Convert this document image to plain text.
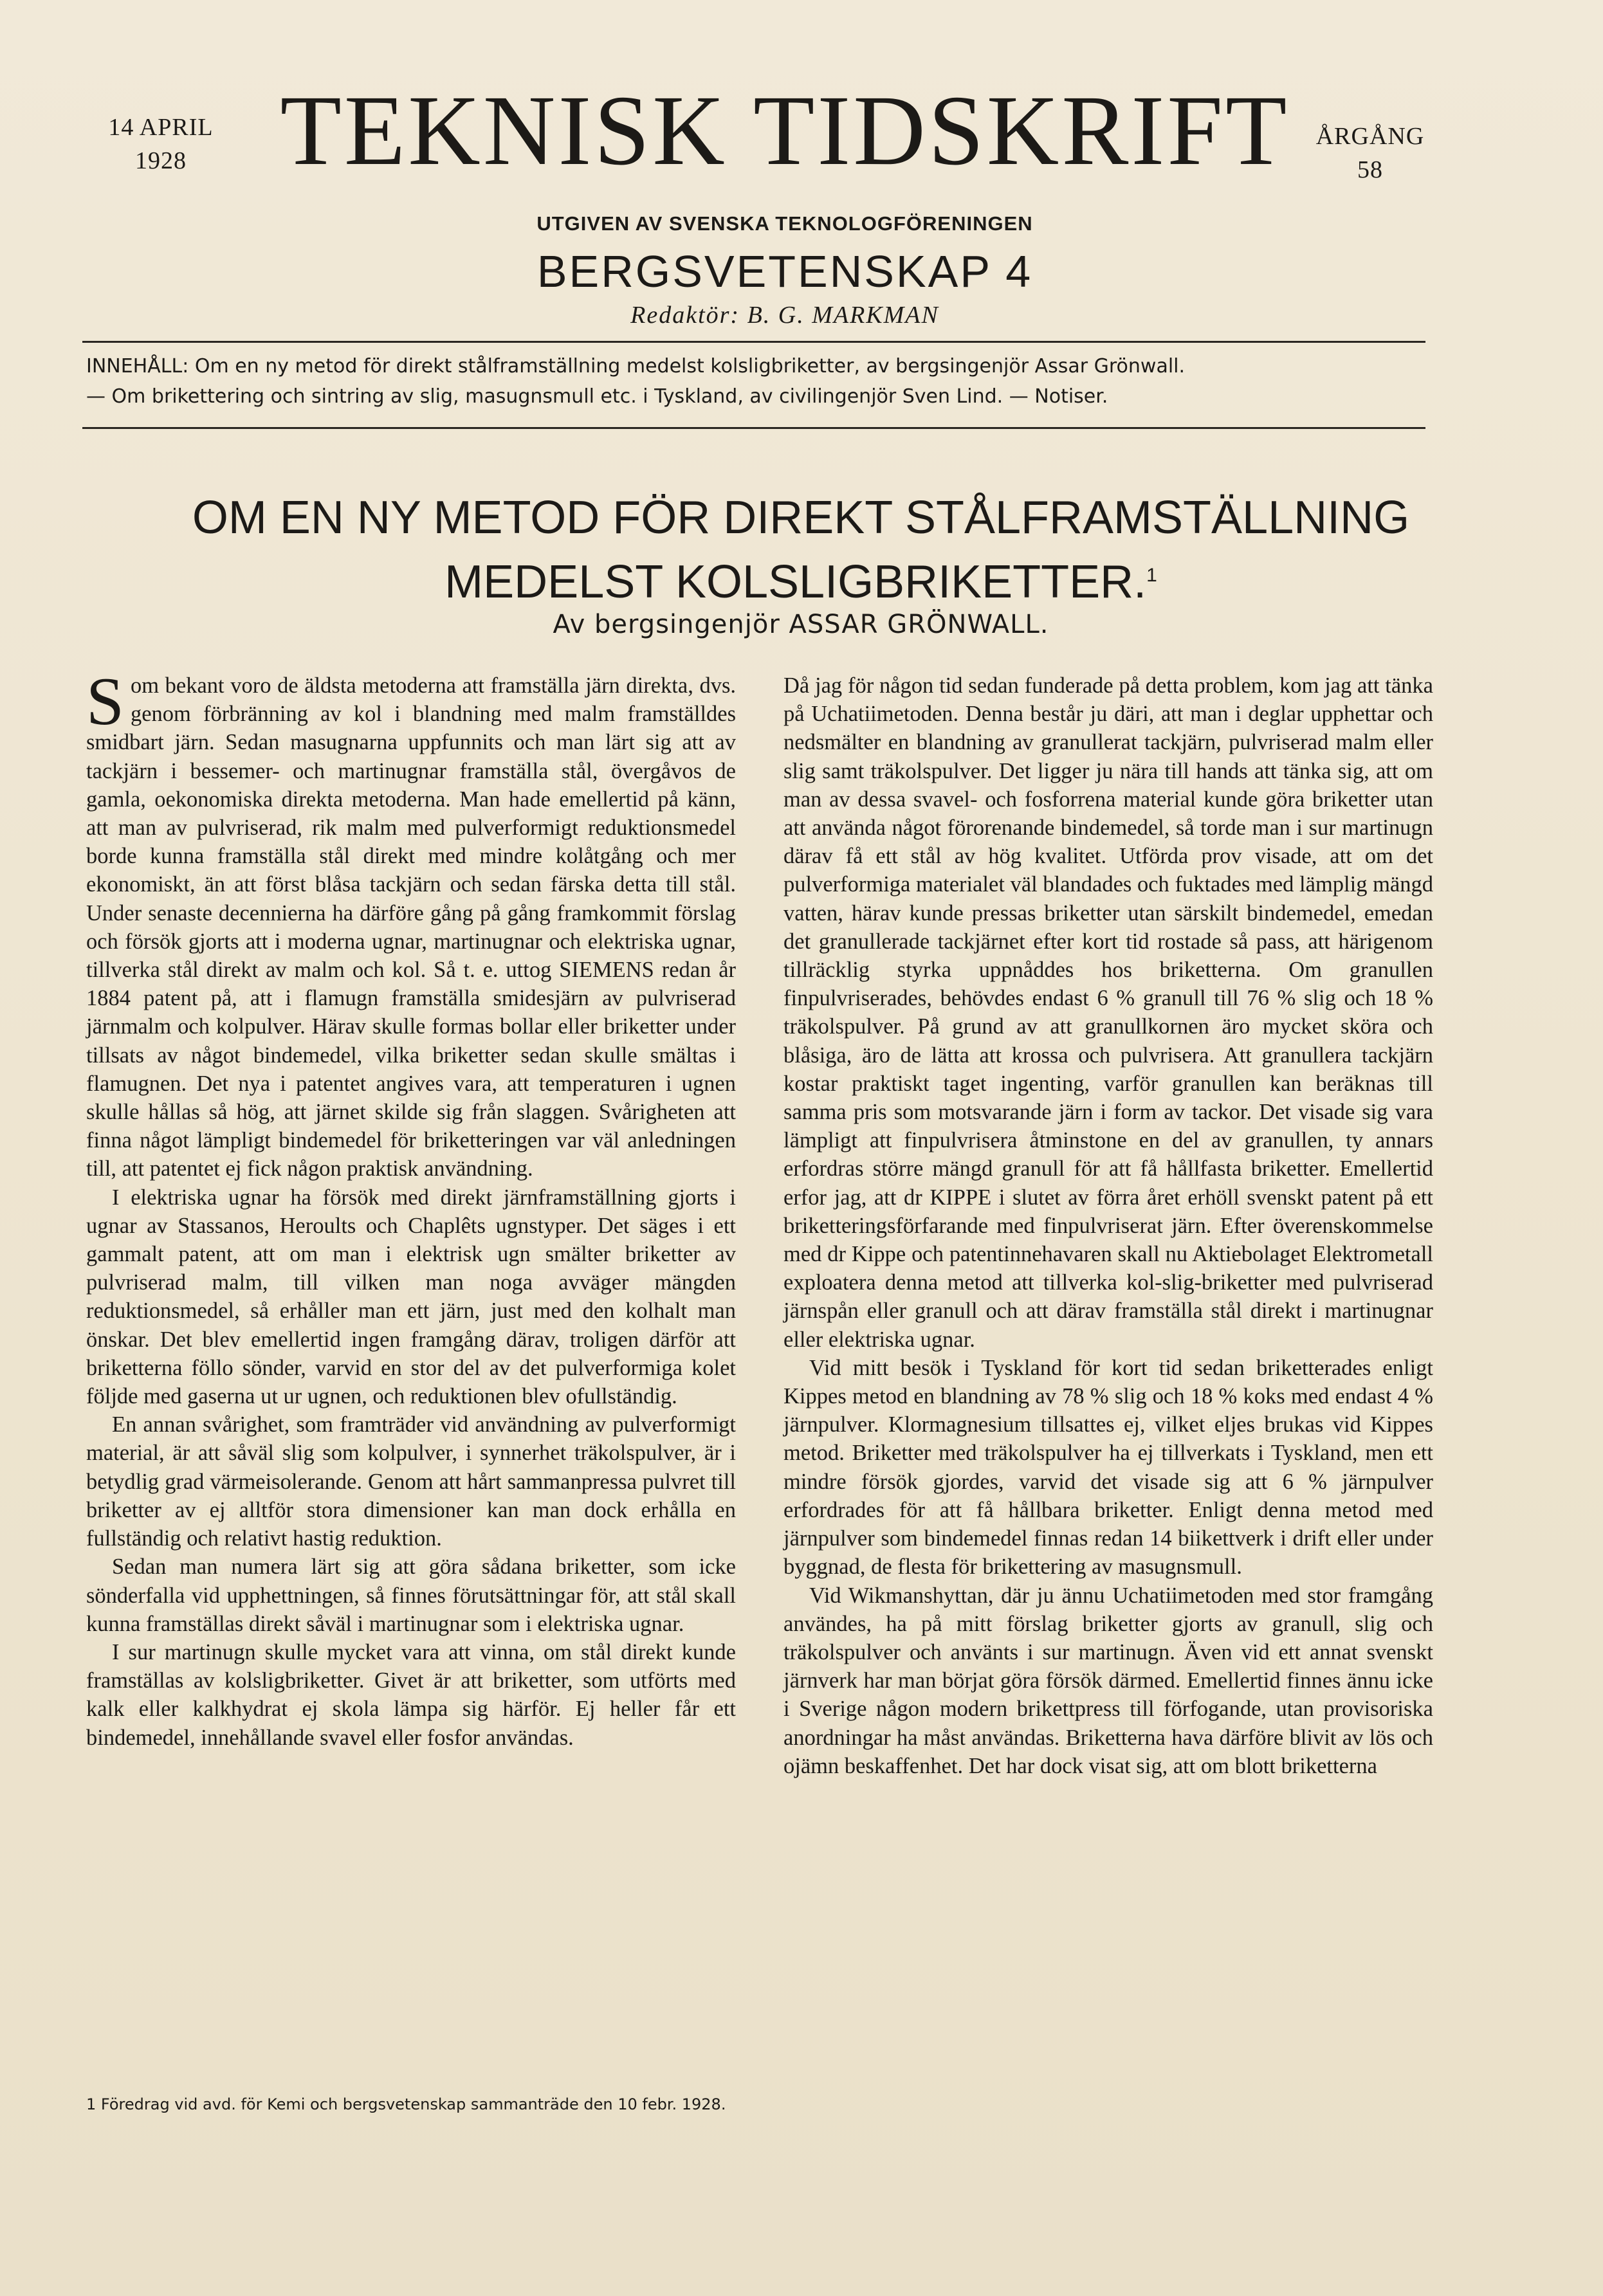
14 APRIL
1928 TEKNISK TIDSKRIFT	ÅRGÅNG
58
UTGIVEN AV SVENSKA TEKNOLOGFÖRENINGEN
BERGSVETENSKAP 4
Redaktör: B. G. MARKMAN

INNEHÅLL: Om en ny metod för direkt stålframställning medelst kolsligbriketter, av bergsingenjör Assar Grönwall.

— Om brikettering och sintring av slig, masugnsmull etc. i Tyskland, av civilingenjör Sven Lind. — Notiser.

OM EN NY METOD FÖR DIREKT STÅLFRAMSTÄLLNING
MEDELST KOLSLIGBRIKETTER.$^1$
Av bergsingenjör ASSAR GRÖNWALL.

Som bekant voro de äldsta metoderna att framställa järn direkta, dvs. genom förbränning av kol i blandning med malm framställdes smidbart järn. Sedan masugnarna uppfunnits och man lärt sig att av tackjärn i bessemer- och martinugnar framställa stål, övergåvos de gamla, oekonomiska direkta metoderna. Man hade emellertid på känn, att man av pulvriserad, rik malm med pulverformigt reduktionsmedel borde kunna framställa stål direkt med mindre kolåtgång och mer ekonomiskt, än att först blåsa tackjärn och sedan färska detta till stål. Under senaste decennierna ha därföre gång på gång framkommit förslag och försök gjorts att i moderna ugnar, martinugnar och elektriska ugnar, tillverka stål direkt av malm och kol. Så t. e. uttog SIEMENS redan år 1884 patent på, att i flamugn framställa smidesjärn av pulvriserad järnmalm och kolpulver. Härav skulle formas bollar eller briketter under tillsats av något bindemedel, vilka briketter sedan skulle smältas i flamugnen. Det nya i patentet angives vara, att temperaturen i ugnen skulle hållas så hög, att järnet skilde sig från slaggen. Svårigheten att finna något lämpligt bindemedel för briketteringen var väl anledningen till, att patentet ej fick någon praktisk användning.

I elektriska ugnar ha försök med direkt järnframställning gjorts i ugnar av Stassanos, Heroults och Chaplêts ugnstyper. Det säges i ett gammalt patent, att om man i elektrisk ugn smälter briketter av pulvriserad malm, till vilken man noga avväger mängden reduktionsmedel, så erhåller man ett järn, just med den kolhalt man önskar. Det blev emellertid ingen framgång därav, troligen därför att briketterna föllo sönder, varvid en stor del av det pulverformiga kolet följde med gaserna ut ur ugnen, och reduktionen blev ofullständig.

En annan svårighet, som framträder vid användning av pulverformigt material, är att såväl slig som kolpulver, i synnerhet träkolspulver, är i betydlig grad värmeisolerande. Genom att hårt sammanpressa pulvret till briketter av ej alltför stora dimensioner kan man dock erhålla en fullständig och relativt hastig reduktion.

Sedan man numera lärt sig att göra sådana briketter, som icke sönderfalla vid upphettningen, så finnes förutsättningar för, att stål skall kunna framställas direkt såväl i martinugnar som i elektriska ugnar.

I sur martinugn skulle mycket vara att vinna, om stål direkt kunde framställas av kolsligbriketter. Givet är att briketter, som utförts med kalk eller kalkhydrat ej skola lämpa sig härför. Ej heller får ett bindemedel, innehållande svavel eller fosfor användas.

Då jag för någon tid sedan funderade på detta problem, kom jag att tänka på Uchatiimetoden. Denna består ju däri, att man i deglar upphettar och nedsmälter en blandning av granullerat tackjärn, pulvriserad malm eller slig samt träkolspulver. Det ligger ju nära till hands att tänka sig, att om man av dessa svavel- och fosforrena material kunde göra briketter utan att använda något förorenande bindemedel, så torde man i sur martinugn därav få ett stål av hög kvalitet. Utförda prov visade, att om det pulverformiga materialet väl blandades och fuktades med lämplig mängd vatten, härav kunde pressas briketter utan särskilt bindemedel, emedan det granullerade tackjärnet efter kort tid rostade så pass, att härigenom tillräcklig styrka uppnåddes hos briketterna. Om granullen finpulvriserades, behövdes endast 6 % granull till 76 % slig och 18 % träkolspulver. På grund av att granullkornen äro mycket sköra och blåsiga, äro de lätta att krossa och pulvrisera. Att granullera tackjärn kostar praktiskt taget ingenting, varför granullen kan beräknas till samma pris som motsvarande järn i form av tackor. Det visade sig vara lämpligt att finpulvrisera åtminstone en del av granullen, ty annars erfordras större mängd granull för att få hållfasta briketter. Emellertid erfor jag, att dr KIPPE i slutet av förra året erhöll svenskt patent på ett briketteringsförfarande med finpulvriserat järn. Efter överenskommelse med dr Kippe och patentinnehavaren skall nu Aktiebolaget Elektrometall exploatera denna metod att tillverka kol-slig-briketter med pulvriserad järnspån eller granull och att därav framställa stål direkt i martinugnar eller elektriska ugnar.

Vid mitt besök i Tyskland för kort tid sedan briketterades enligt Kippes metod en blandning av 78 % slig och 18 % koks med endast 4 % järnpulver. Klormagnesium tillsattes ej, vilket eljes brukas vid Kippes metod. Briketter med träkolspulver ha ej tillverkats i Tyskland, men ett mindre försök gjordes, varvid det visade sig att 6 % järnpulver erfordrades för att få hållbara briketter. Enligt denna metod med järnpulver som bindemedel finnas redan 14 biikettverk i drift eller under byggnad, de flesta för brikettering av masugnsmull.

Vid Wikmanshyttan, där ju ännu Uchatiimetoden med stor framgång användes, ha på mitt förslag briketter gjorts av granull, slig och träkolspulver och använts i sur martinugn. Även vid ett annat svenskt järnverk har man börjat göra försök därmed. Emellertid finnes ännu icke i Sverige någon modern brikettpress till förfogande, utan provisoriska anordningar ha måst användas. Briketterna hava därföre blivit av lös och ojämn beskaffenhet. Det har dock visat sig, att om blott briketterna

1 Föredrag vid avd. för Kemi och bergsvetenskap sammanträde den 10 febr. 1928.
